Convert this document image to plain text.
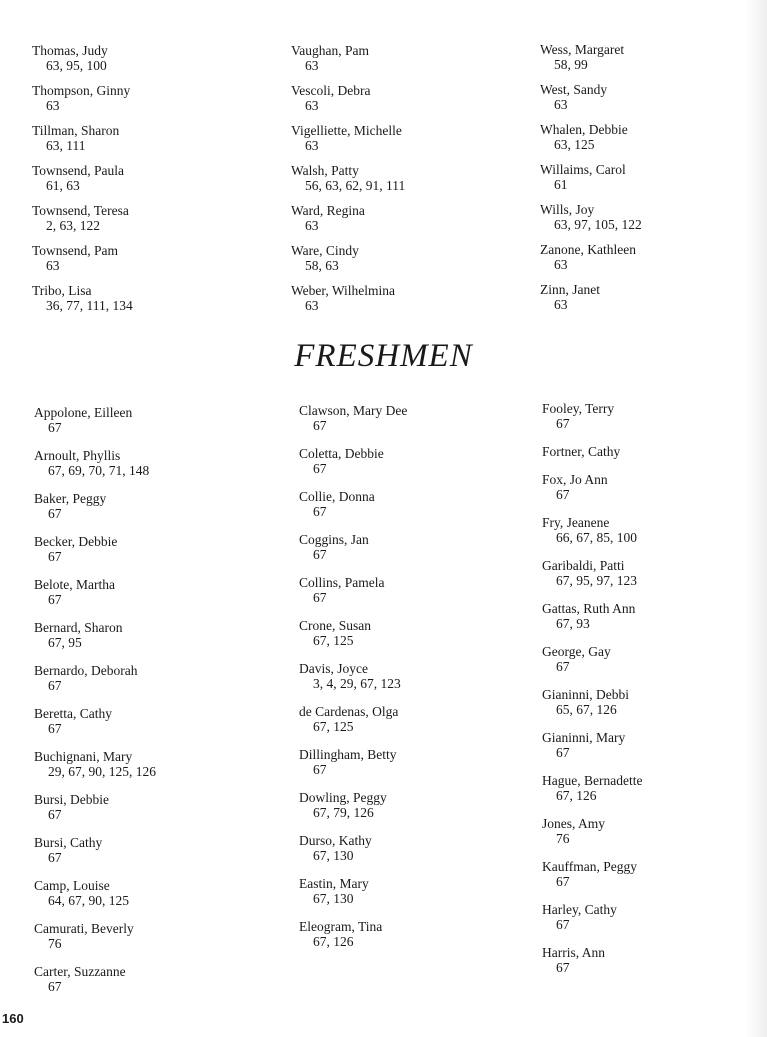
Thomas, Judy
63, 95, 100
Thompson, Ginny
63
Tillman, Sharon
63, 111
Townsend, Paula
61, 63
Townsend, Teresa
2, 63, 122
Townsend, Pam
63
Tribo, Lisa
36, 77, 111, 134
Vaughan, Pam
63
Vescoli, Debra
63
Vigelliette, Michelle
63
Walsh, Patty
56, 63, 62, 91, 111
Ward, Regina
63
Ware, Cindy
58, 63
Weber, Wilhelmina
63
Wess, Margaret
58, 99
West, Sandy
63
Whalen, Debbie
63, 125
Willaims, Carol
61
Wills, Joy
63, 97, 105, 122
Zanone, Kathleen
63
Zinn, Janet
63
FRESHMEN
Appolone, Eilleen
67
Arnoult, Phyllis
67, 69, 70, 71, 148
Baker, Peggy
67
Becker, Debbie
67
Belote, Martha
67
Bernard, Sharon
67, 95
Bernardo, Deborah
67
Beretta, Cathy
67
Buchignani, Mary
29, 67, 90, 125, 126
Bursi, Debbie
67
Bursi, Cathy
67
Camp, Louise
64, 67, 90, 125
Camurati, Beverly
76
Carter, Suzzanne
67
Clawson, Mary Dee
67
Coletta, Debbie
67
Collie, Donna
67
Coggins, Jan
67
Collins, Pamela
67
Crone, Susan
67, 125
Davis, Joyce
3, 4, 29, 67, 123
de Cardenas, Olga
67, 125
Dillingham, Betty
67
Dowling, Peggy
67, 79, 126
Durso, Kathy
67, 130
Eastin, Mary
67, 130
Eleogram, Tina
67, 126
Fooley, Terry
67
Fortner, Cathy
Fox, Jo Ann
67
Fry, Jeanene
66, 67, 85, 100
Garibaldi, Patti
67, 95, 97, 123
Gattas, Ruth Ann
67, 93
George, Gay
67
Gianinni, Debbi
65, 67, 126
Gianinni, Mary
67
Hague, Bernadette
67, 126
Jones, Amy
76
Kauffman, Peggy
67
Harley, Cathy
67
Harris, Ann
67
160
